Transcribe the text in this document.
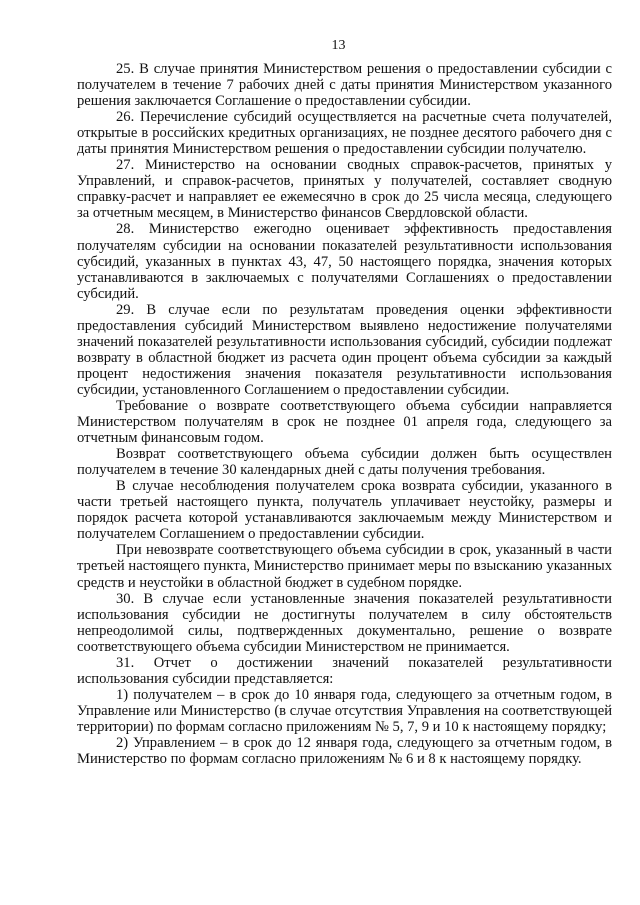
13

25. В случае принятия Министерством решения о предоставлении субсидии с получателем в течение 7 рабочих дней с даты принятия Министерством указанного решения заключается Соглашение о предоставлении субсидии.

26. Перечисление субсидий осуществляется на расчетные счета получателей, открытые в российских кредитных организациях, не позднее десятого рабочего дня с даты принятия Министерством решения о предоставлении субсидии получателю.

27. Министерство на основании сводных справок-расчетов, принятых у Управлений, и справок-расчетов, принятых у получателей, составляет сводную справку-расчет и направляет ее ежемесячно в срок до 25 числа месяца, следующего за отчетным месяцем, в Министерство финансов Свердловской области.

28. Министерство ежегодно оценивает эффективность предоставления получателям субсидии на основании показателей результативности использования субсидий, указанных в пунктах 43, 47, 50 настоящего порядка, значения которых устанавливаются в заключаемых с получателями Соглашениях о предоставлении субсидий.

29. В случае если по результатам проведения оценки эффективности предоставления субсидий Министерством выявлено недостижение получателями значений показателей результативности использования субсидий, субсидии подлежат возврату в областной бюджет из расчета один процент объема субсидии за каждый процент недостижения значения показателя результативности использования субсидии, установленного Соглашением о предоставлении субсидии.

Требование о возврате соответствующего объема субсидии направляется Министерством получателям в срок не позднее 01 апреля года, следующего за отчетным финансовым годом.

Возврат соответствующего объема субсидии должен быть осуществлен получателем в течение 30 календарных дней с даты получения требования.

В случае несоблюдения получателем срока возврата субсидии, указанного в части третьей настоящего пункта, получатель уплачивает неустойку, размеры и порядок расчета которой устанавливаются заключаемым между Министерством и получателем Соглашением о предоставлении субсидии.

При невозврате соответствующего объема субсидии в срок, указанный в части третьей настоящего пункта, Министерство принимает меры по взысканию указанных средств и неустойки в областной бюджет в судебном порядке.

30. В случае если установленные значения показателей результативности использования субсидии не достигнуты получателем в силу обстоятельств непреодолимой силы, подтвержденных документально, решение о возврате соответствующего объема субсидии Министерством не принимается.

31. Отчет о достижении значений показателей результативности использования субсидии представляется:

1) получателем – в срок до 10 января года, следующего за отчетным годом, в Управление или Министерство (в случае отсутствия Управления на соответствующей территории) по формам согласно приложениям № 5, 7, 9 и 10 к настоящему порядку;

2) Управлением – в срок до 12 января года, следующего за отчетным годом, в Министерство по формам согласно приложениям № 6 и 8 к настоящему порядку.
